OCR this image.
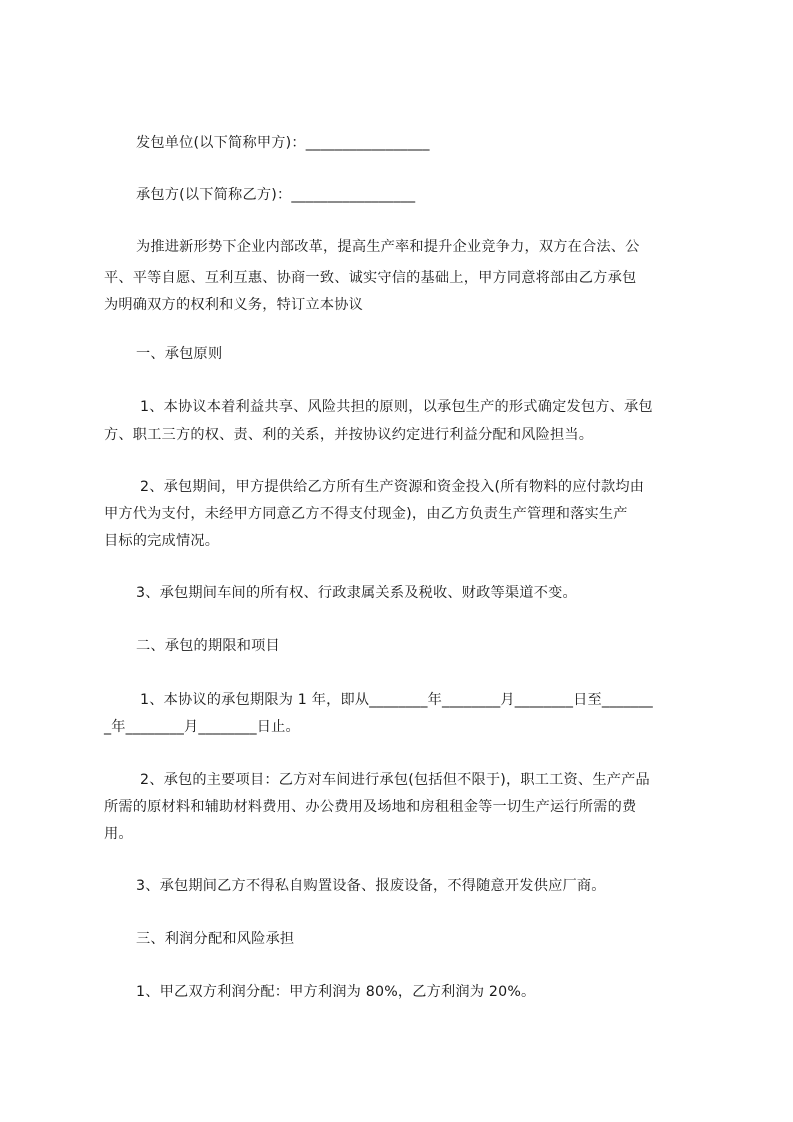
发包单位(以下简称甲方)：_________________
承包方(以下简称乙方)：_________________
为推进新形势下企业内部改革，提高生产率和提升企业竞争力，双方在合法、公
平、平等自愿、互利互惠、协商一致、诚实守信的基础上，甲方同意将部由乙方承包
为明确双方的权利和义务，特订立本协议
一、承包原则
1、本协议本着利益共享、风险共担的原则，以承包生产的形式确定发包方、承包
方、职工三方的权、责、利的关系，并按协议约定进行利益分配和风险担当。
2、承包期间，甲方提供给乙方所有生产资源和资金投入(所有物料的应付款均由
甲方代为支付，未经甲方同意乙方不得支付现金)，由乙方负责生产管理和落实生产
目标的完成情况。
3、承包期间车间的所有权、行政隶属关系及税收、财政等渠道不变。
二、承包的期限和项目
1、本协议的承包期限为 1 年，即从________年________月________日至_______
_年________月________日止。
2、承包的主要项目：乙方对车间进行承包(包括但不限于)，职工工资、生产产品
所需的原材料和辅助材料费用、办公费用及场地和房租租金等一切生产运行所需的费
用。
3、承包期间乙方不得私自购置设备、报废设备，不得随意开发供应厂商。
三、利润分配和风险承担
1、甲乙双方利润分配：甲方利润为 80%，乙方利润为 20%。
